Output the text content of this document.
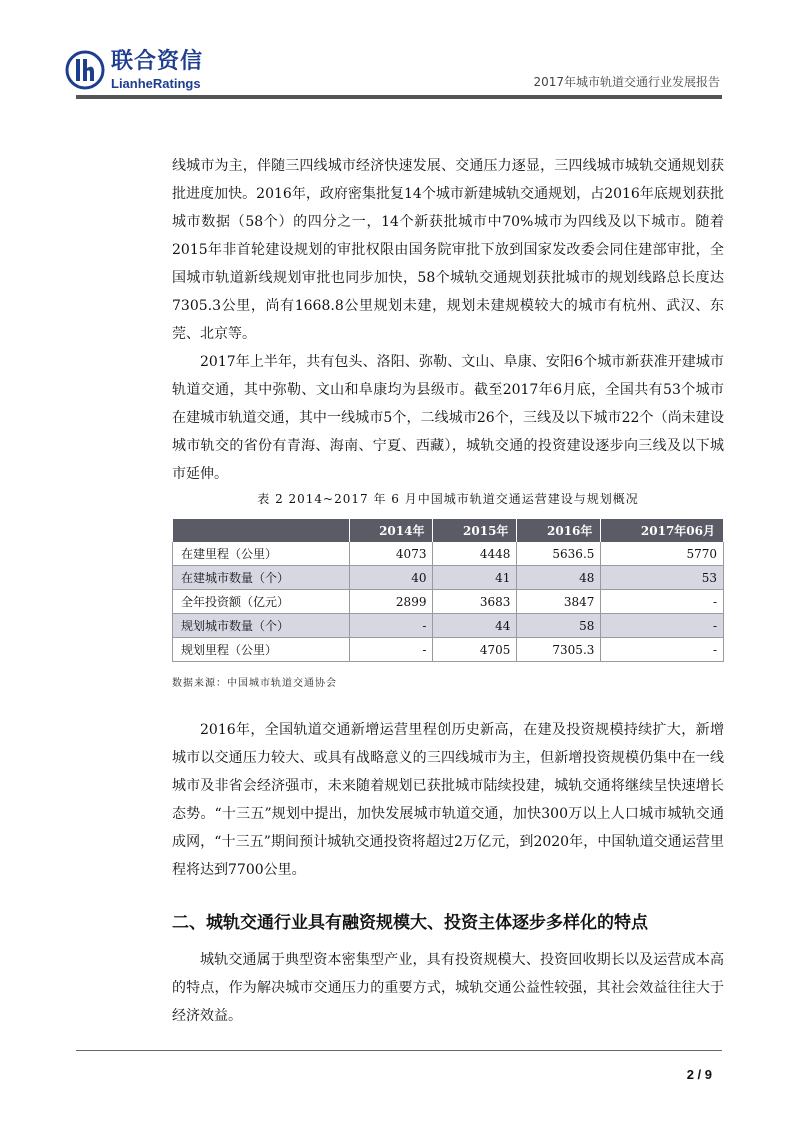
联合资信
LianheRatings	2017年城市轨道交通行业发展报告

线城市为主，伴随三四线城市经济快速发展、交通压力逐显，三四线城市城轨交通规划获批进度加快。2016年，政府密集批复14个城市新建城轨交通规划，占2016年底规划获批城市数据（58个）的四分之一，14个新获批城市中70%城市为四线及以下城市。随着2015年非首轮建设规划的审批权限由国务院审批下放到国家发改委会同住建部审批，全国城市轨道新线规划审批也同步加快，58个城轨交通规划获批城市的规划线路总长度达7305.3公里，尚有1668.8公里规划未建，规划未建规模较大的城市有杭州、武汉、东莞、北京等。

2017年上半年，共有包头、洛阳、弥勒、文山、阜康、安阳6个城市新获准开建城市轨道交通，其中弥勒、文山和阜康均为县级市。截至2017年6月底，全国共有53个城市在建城市轨道交通，其中一线城市5个，二线城市26个，三线及以下城市22个（尚未建设城市轨交的省份有青海、海南、宁夏、西藏），城轨交通的投资建设逐步向三线及以下城市延伸。

表 2 2014~2017 年 6 月中国城市轨道交通运营建设与规划概况
	2014年	2015年	2016年	2017年06月
在建里程（公里）	4073	4448	5636.5	5770
在建城市数量（个）	40	41	48	53
全年投资额（亿元）	2899	3683	3847	-
规划城市数量（个）	-	44	58	-
规划里程（公里）	-	4705	7305.3	-
数据来源：中国城市轨道交通协会

2016年，全国轨道交通新增运营里程创历史新高，在建及投资规模持续扩大，新增城市以交通压力较大、或具有战略意义的三四线城市为主，但新增投资规模仍集中在一线城市及非省会经济强市，未来随着规划已获批城市陆续投建，城轨交通将继续呈快速增长态势。“十三五”规划中提出，加快发展城市轨道交通，加快300万以上人口城市城轨交通成网，“十三五”期间预计城轨交通投资将超过2万亿元，到2020年，中国轨道交通运营里程将达到7700公里。

二、城轨交通行业具有融资规模大、投资主体逐步多样化的特点

城轨交通属于典型资本密集型产业，具有投资规模大、投资回收期长以及运营成本高的特点，作为解决城市交通压力的重要方式，城轨交通公益性较强，其社会效益往往大于经济效益。

2 / 9
